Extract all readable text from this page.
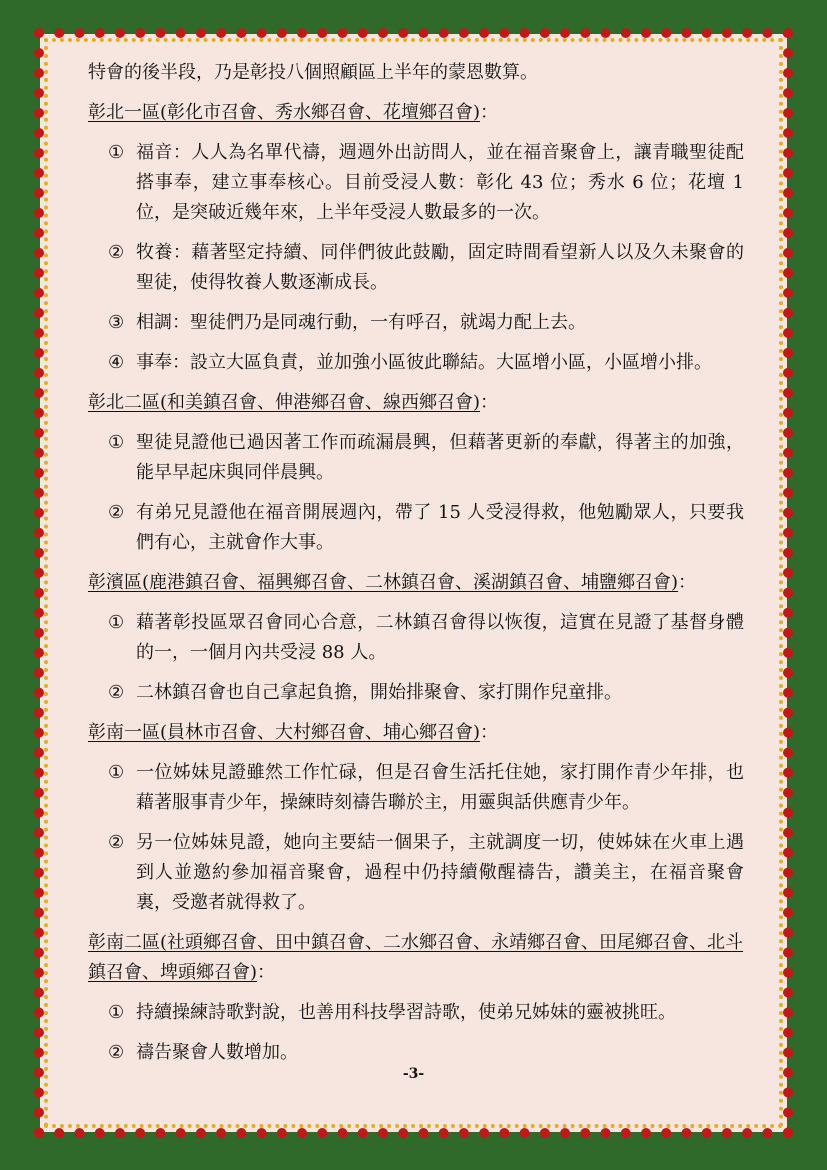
特會的後半段，乃是彰投八個照顧區上半年的蒙恩數算。

彰北一區(彰化市召會、秀水鄉召會、花壇鄉召會)：

① 福音：人人為名單代禱，週週外出訪問人，並在福音聚會上，讓青職聖徒配搭事奉，建立事奉核心。目前受浸人數：彰化 43 位；秀水 6 位；花壇 1 位，是突破近幾年來，上半年受浸人數最多的一次。
② 牧養：藉著堅定持續、同伴們彼此鼓勵，固定時間看望新人以及久未聚會的聖徒，使得牧養人數逐漸成長。
③ 相調：聖徒們乃是同魂行動，一有呼召，就竭力配上去。
④ 事奉：設立大區負責，並加強小區彼此聯結。大區增小區，小區增小排。

彰北二區(和美鎮召會、伸港鄉召會、線西鄉召會)：

① 聖徒見證他已過因著工作而疏漏晨興，但藉著更新的奉獻，得著主的加強，能早早起床與同伴晨興。
② 有弟兄見證他在福音開展週內，帶了 15 人受浸得救，他勉勵眾人，只要我們有心，主就會作大事。

彰濱區(鹿港鎮召會、福興鄉召會、二林鎮召會、溪湖鎮召會、埔鹽鄉召會)：

① 藉著彰投區眾召會同心合意，二林鎮召會得以恢復，這實在見證了基督身體的一，一個月內共受浸 88 人。
② 二林鎮召會也自己拿起負擔，開始排聚會、家打開作兒童排。

彰南一區(員林市召會、大村鄉召會、埔心鄉召會)：

① 一位姊妹見證雖然工作忙碌，但是召會生活托住她，家打開作青少年排，也藉著服事青少年，操練時刻禱告聯於主，用靈與話供應青少年。
② 另一位姊妹見證，她向主要結一個果子，主就調度一切，使姊妹在火車上遇到人並邀約參加福音聚會，過程中仍持續儆醒禱告，讚美主，在福音聚會裏，受邀者就得救了。

彰南二區(社頭鄉召會、田中鎮召會、二水鄉召會、永靖鄉召會、田尾鄉召會、北斗鎮召會、埤頭鄉召會)：

① 持續操練詩歌對說，也善用科技學習詩歌，使弟兄姊妹的靈被挑旺。
② 禱告聚會人數增加。
-3-
